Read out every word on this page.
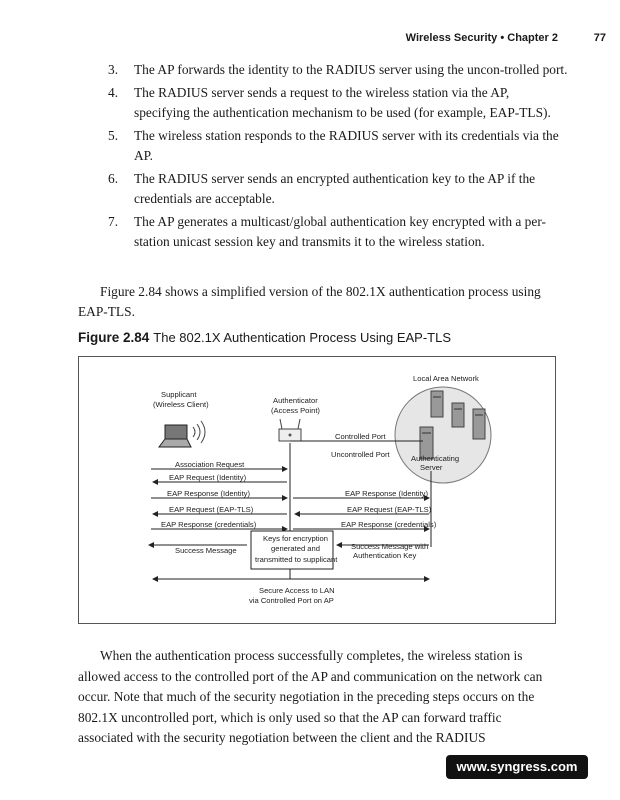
Wireless Security • Chapter 2	77
3. The AP forwards the identity to the RADIUS server using the uncon-trolled port.
4. The RADIUS server sends a request to the wireless station via the AP, specifying the authentication mechanism to be used (for example, EAP-TLS).
5. The wireless station responds to the RADIUS server with its credentials via the AP.
6. The RADIUS server sends an encrypted authentication key to the AP if the credentials are acceptable.
7. The AP generates a multicast/global authentication key encrypted with a per-station unicast session key and transmits it to the wireless station.

Figure 2.84 shows a simplified version of the 802.1X authentication process using EAP-TLS.

Figure 2.84 The 802.1X Authentication Process Using EAP-TLS
Local Area Network
Authenticating
Server
Supplicant
(Wireless Client)	Authenticator
(Access Point)
Controlled Port
Uncontrolled Port
Association Request
EAP Request (Identity)
EAP Response (Identity)
EAP Request (EAP-TLS)
EAP Response (credentials)
EAP Response (Identity)
EAP Request (EAP-TLS)
EAP Response (credentials)
Keys for encryption
generated and
transmitted to supplicant
Success Message	Success Message with
Authentication Key
Secure Access to LAN
via Controlled Port on AP

When the authentication process successfully completes, the wireless station is allowed access to the controlled port of the AP and communication on the network can occur. Note that much of the security negotiation in the preceding steps occurs on the 802.1X uncontrolled port, which is only used so that the AP can forward traffic associated with the security negotiation between the client and the RADIUS

www.syngress.com
